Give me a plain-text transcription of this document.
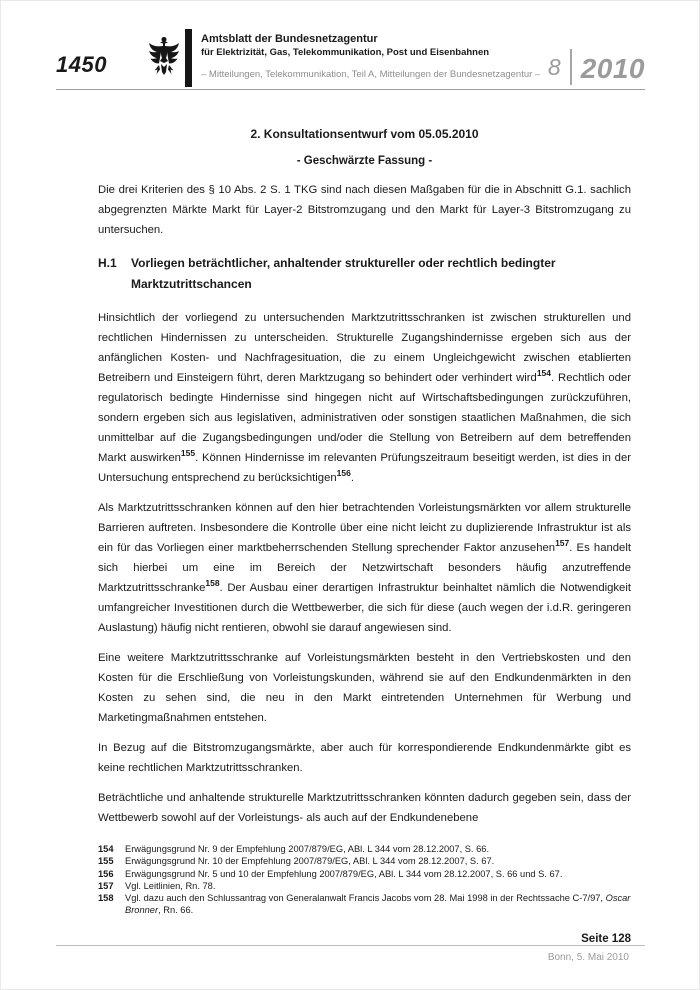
1450
Amtsblatt der Bundesnetzagentur
für Elektrizität, Gas, Telekommunikation, Post und Eisenbahnen
– Mitteilungen, Telekommunikation, Teil A, Mitteilungen der Bundesnetzagentur – 8 2010
2. Konsultationsentwurf vom 05.05.2010
- Geschwärzte Fassung -

Die drei Kriterien des § 10 Abs. 2 S. 1 TKG sind nach diesen Maßgaben für die in Abschnitt G.1. sachlich abgegrenzten Märkte Markt für Layer-2 Bitstromzugang und den Markt für Layer-3 Bitstromzugang zu untersuchen.

H.1	Vorliegen beträchtlicher, anhaltender struktureller oder rechtlich bedingter Marktzutrittschancen

Hinsichtlich der vorliegend zu untersuchenden Marktzutrittsschranken ist zwischen strukturellen und rechtlichen Hindernissen zu unterscheiden. Strukturelle Zugangshindernisse ergeben sich aus der anfänglichen Kosten- und Nachfragesituation, die zu einem Ungleichgewicht zwischen etablierten Betreibern und Einsteigern führt, deren Marktzugang so behindert oder verhindert wird$^{154}$. Rechtlich oder regulatorisch bedingte Hindernisse sind hingegen nicht auf Wirtschaftsbedingungen zurückzuführen, sondern ergeben sich aus legislativen, administrativen oder sonstigen staatlichen Maßnahmen, die sich unmittelbar auf die Zugangsbedingungen und/oder die Stellung von Betreibern auf dem betreffenden Markt auswirken$^{155}$. Können Hindernisse im relevanten Prüfungszeitraum beseitigt werden, ist dies in der Untersuchung entsprechend zu berücksichtigen$^{156}$.

Als Marktzutrittsschranken können auf den hier betrachtenden Vorleistungsmärkten vor allem strukturelle Barrieren auftreten. Insbesondere die Kontrolle über eine nicht leicht zu duplizierende Infrastruktur ist als ein für das Vorliegen einer marktbeherrschenden Stellung sprechender Faktor anzusehen$^{157}$. Es handelt sich hierbei um eine im Bereich der Netzwirtschaft besonders häufig anzutreffende Marktzutrittsschranke$^{158}$. Der Ausbau einer derartigen Infrastruktur beinhaltet nämlich die Notwendigkeit umfangreicher Investitionen durch die Wettbewerber, die sich für diese (auch wegen der i.d.R. geringeren Auslastung) häufig nicht rentieren, obwohl sie darauf angewiesen sind.

Eine weitere Marktzutrittsschranke auf Vorleistungsmärkten besteht in den Vertriebskosten und den Kosten für die Erschließung von Vorleistungskunden, während sie auf den Endkundenmärkten in den Kosten zu sehen sind, die neu in den Markt eintretenden Unternehmen für Werbung und Marketingmaßnahmen entstehen.

In Bezug auf die Bitstromzugangsmärkte, aber auch für korrespondierende Endkundenmärkte gibt es keine rechtlichen Marktzutrittsschranken.

Beträchtliche und anhaltende strukturelle Marktzutrittsschranken könnten dadurch gegeben sein, dass der Wettbewerb sowohl auf der Vorleistungs- als auch auf der Endkundenebene

154	Erwägungsgrund Nr. 9 der Empfehlung 2007/879/EG, ABl. L 344 vom 28.12.2007, S. 66.
155	Erwägungsgrund Nr. 10 der Empfehlung 2007/879/EG, ABl. L 344 vom 28.12.2007, S. 67.
156	Erwägungsgrund Nr. 5 und 10 der Empfehlung 2007/879/EG, ABl. L 344 vom 28.12.2007, S. 66 und S. 67.
157	Vgl. Leitlinien, Rn. 78.
158	Vgl. dazu auch den Schlussantrag von Generalanwalt Francis Jacobs vom 28. Mai 1998 in der Rechtssache C-7/97, Oscar Bronner, Rn. 66.
Seite 128
Bonn, 5. Mai 2010
